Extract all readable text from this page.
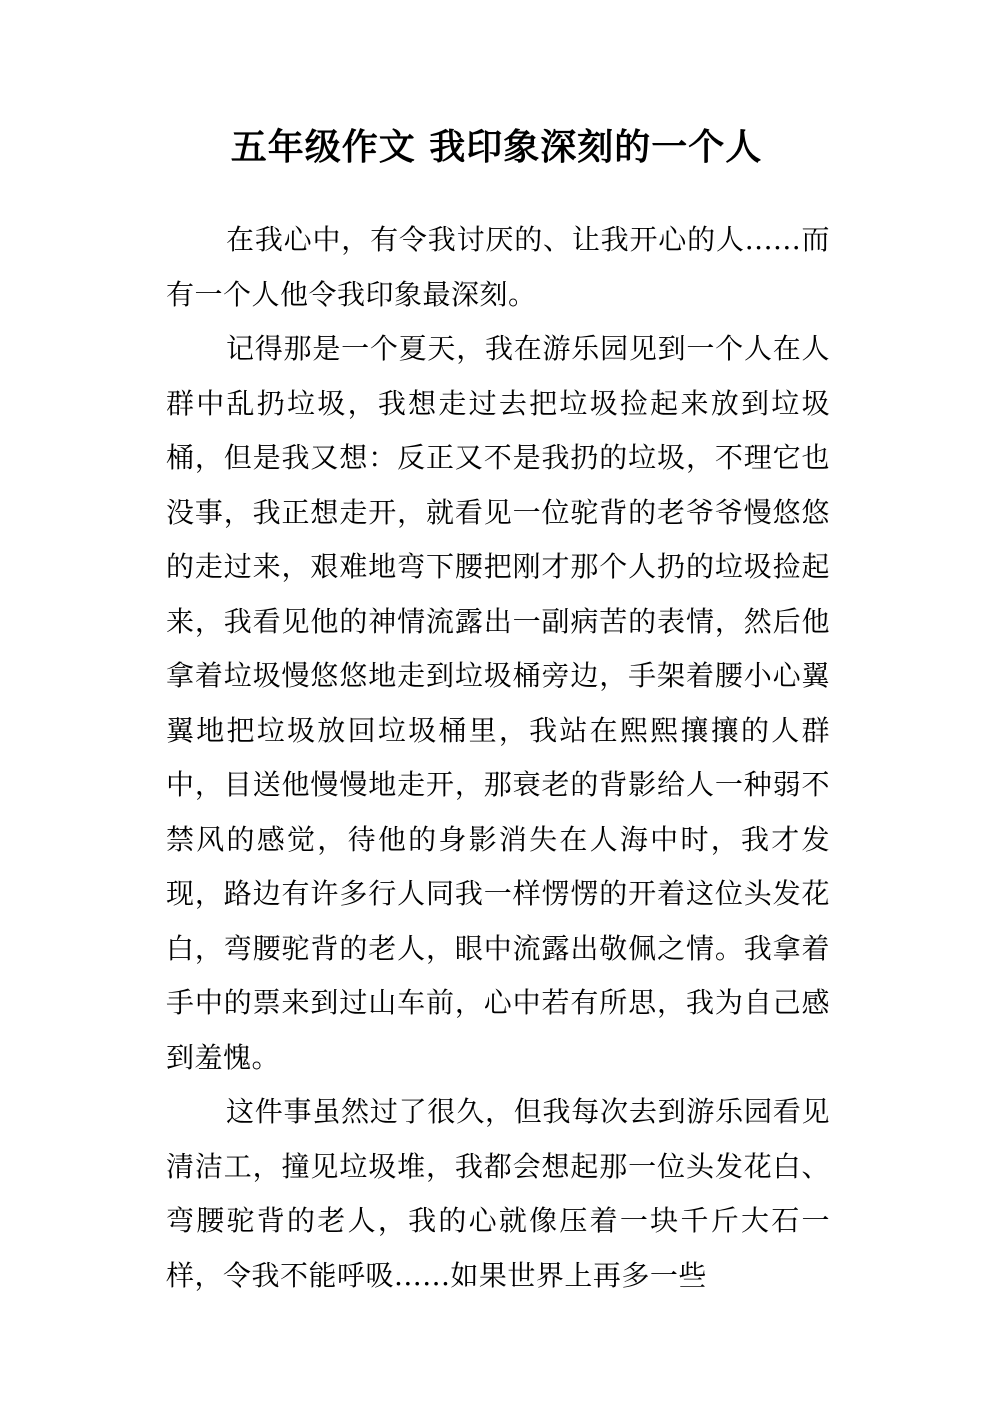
五年级作文 我印象深刻的一个人

在我心中，有令我讨厌的、让我开心的人......而有一个人他令我印象最深刻。

记得那是一个夏天，我在游乐园见到一个人在人群中乱扔垃圾，我想走过去把垃圾捡起来放到垃圾桶，但是我又想：反正又不是我扔的垃圾，不理它也没事，我正想走开，就看见一位驼背的老爷爷慢悠悠的走过来，艰难地弯下腰把刚才那个人扔的垃圾捡起来，我看见他的神情流露出一副病苦的表情，然后他拿着垃圾慢悠悠地走到垃圾桶旁边，手架着腰小心翼翼地把垃圾放回垃圾桶里，我站在熙熙攘攘的人群中，目送他慢慢地走开，那衰老的背影给人一种弱不禁风的感觉，待他的身影消失在人海中时，我才发现，路边有许多行人同我一样愣愣的开着这位头发花白，弯腰驼背的老人，眼中流露出敬佩之情。我拿着手中的票来到过山车前，心中若有所思，我为自己感到羞愧。

这件事虽然过了很久，但我每次去到游乐园看见清洁工，撞见垃圾堆，我都会想起那一位头发花白、弯腰驼背的老人，我的心就像压着一块千斤大石一样，令我不能呼吸......如果世界上再多一些
